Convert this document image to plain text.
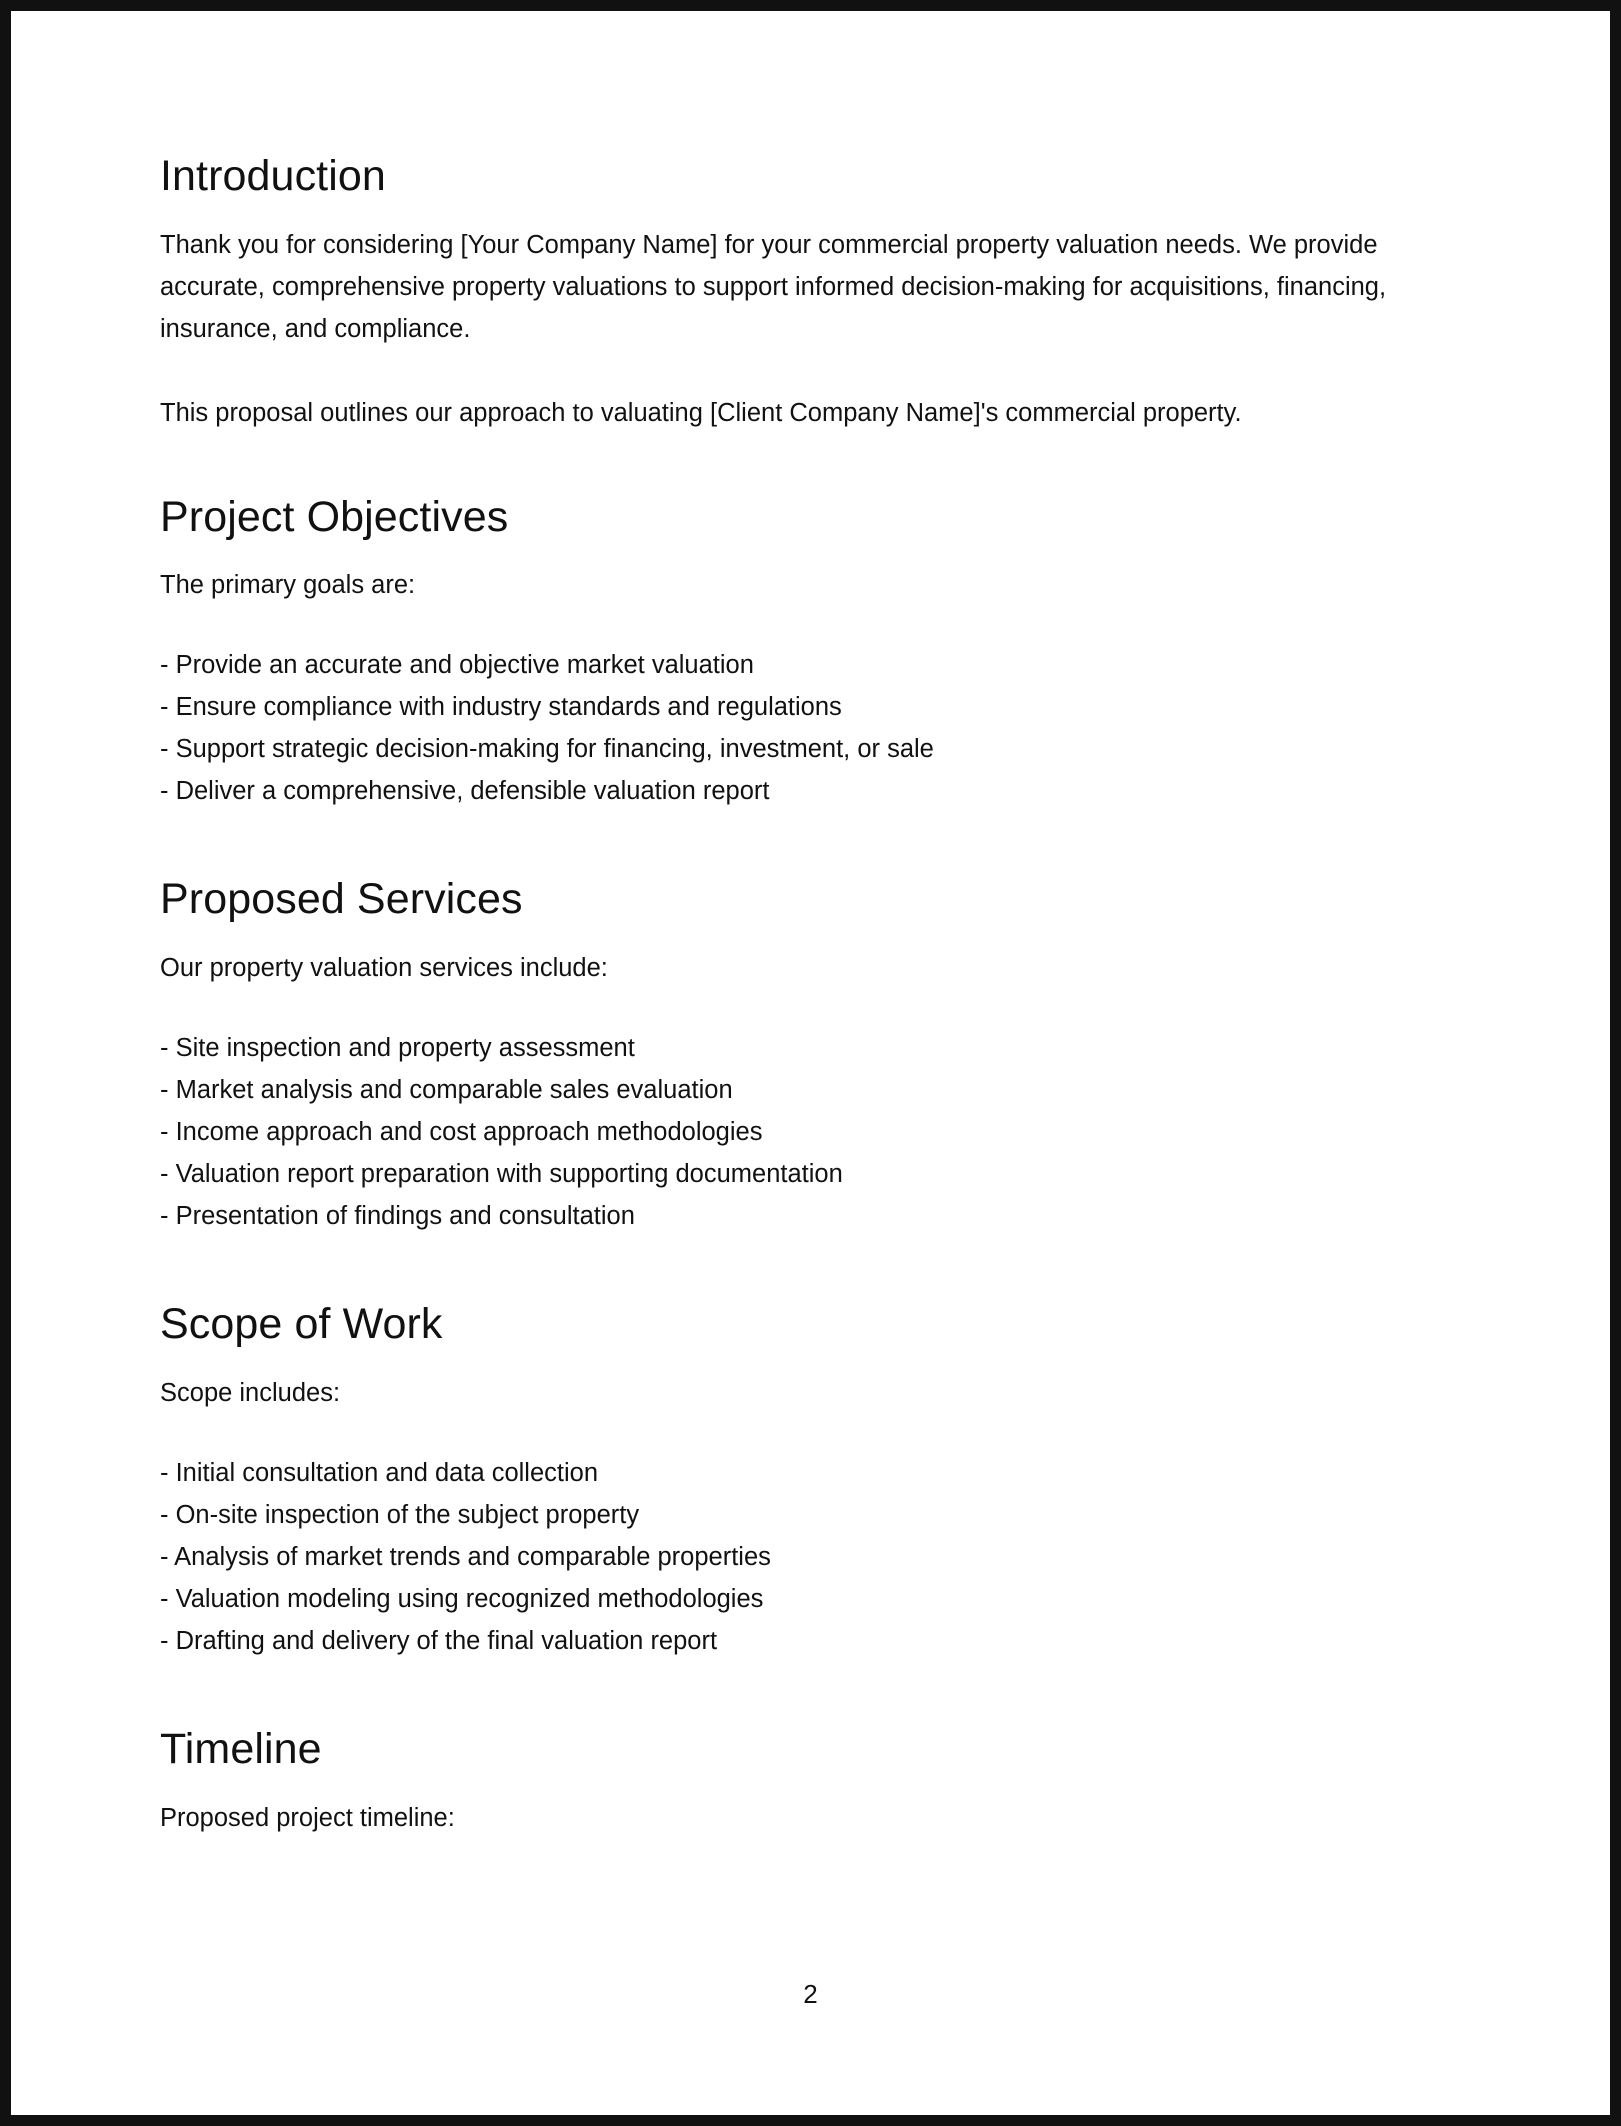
Introduction

Thank you for considering [Your Company Name] for your commercial property valuation needs. We provide accurate, comprehensive property valuations to support informed decision-making for acquisitions, financing, insurance, and compliance.

This proposal outlines our approach to valuating [Client Company Name]'s commercial property.

Project Objectives

The primary goals are:

- Provide an accurate and objective market valuation
- Ensure compliance with industry standards and regulations
- Support strategic decision-making for financing, investment, or sale
- Deliver a comprehensive, defensible valuation report
Proposed Services

Our property valuation services include:

- Site inspection and property assessment
- Market analysis and comparable sales evaluation
- Income approach and cost approach methodologies
- Valuation report preparation with supporting documentation
- Presentation of findings and consultation
Scope of Work

Scope includes:

- Initial consultation and data collection
- On-site inspection of the subject property
- Analysis of market trends and comparable properties
- Valuation modeling using recognized methodologies
- Drafting and delivery of the final valuation report
Timeline

Proposed project timeline:

2
